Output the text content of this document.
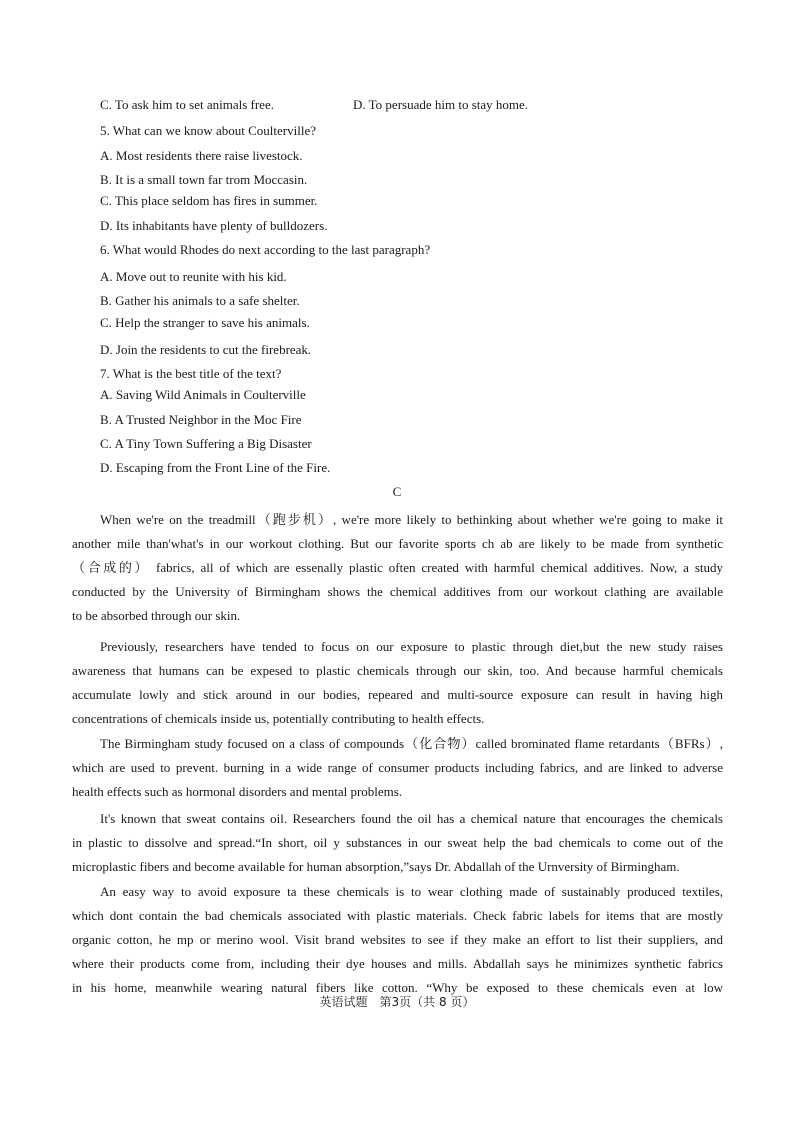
C. To ask him to set animals free.	D. To persuade him to stay home.
5. What can we know about Coulterville?
A. Most residents there raise livestock.
B. It is a small town far trom Moccasin.
C. This place seldom has fires in summer.
D. Its inhabitants have plenty of bulldozers.
6. What would Rhodes do next according to the last paragraph?
A. Move out to reunite with his kid.
B. Gather his animals to a safe shelter.
C. Help the stranger to save his animals.
D. Join the residents to cut the firebreak.
7. What is the best title of the text?
A. Saving Wild Animals in Coulterville
B. A Trusted Neighbor in the Moc Fire
C. A Tiny Town Suffering a Big Disaster
D. Escaping from the Front Line of the Fire.
C

When we're on the treadmill（跑步机）, we're more likely to bethinking about whether we're going to make it

another mile than'what's in our workout clothing. But our favorite sports ch ab are likely to be made from synthetic

（合成的） fabrics, all of which are essenally plastic often created with harmful chemical additives. Now, a study

conducted by the University of Birmingham shows the chemical additives from our workout clathing are available

to be absorbed through our skin.

Previously, researchers have tended to focus on our exposure to plastic through diet,but the new study raises

awareness that humans can be expesed to plastic chemicals through our skin, too. And because harmful chemicals

accumulate lowly and stick around in our bodies, repeared and multi-source exposure can result in having high

concentrations of chemicals inside us, potentially contributing to health effects.

The Birmingham study focused on a class of compounds（化合物）called brominated flame retardants（BFRs）,

which are used to prevent. burning in a wide range of consumer products including fabrics, and are linked to adverse

health effects such as hormonal disorders and mental problems.

It's known that sweat contains oil. Researchers found the oil has a chemical nature that encourages the chemicals

in plastic to dissolve and spread.“In short, oil y substances in our sweat help the bad chemicals to come out of the

microplastic fibers and become available for human absorption,”says Dr. Abdallah of the Urnversity of Birmingham.

An easy way to avoid exposure ta these chemicals is to wear clothing made of sustainably produced textiles,

which dont contain the bad chemicals associated with plastic materials. Check fabric labels for items that are mostly

organic cotton, he mp or merino wool. Visit brand websites to see if they make an effort to list their suppliers, and

where their products come from, including their dye houses and mills. Abdallah says he minimizes synthetic fabrics

in his home, meanwhile wearing natural fibers like cotton. “Why be exposed to these chemicals even at low

英语试题　第3页（共 8 页）
